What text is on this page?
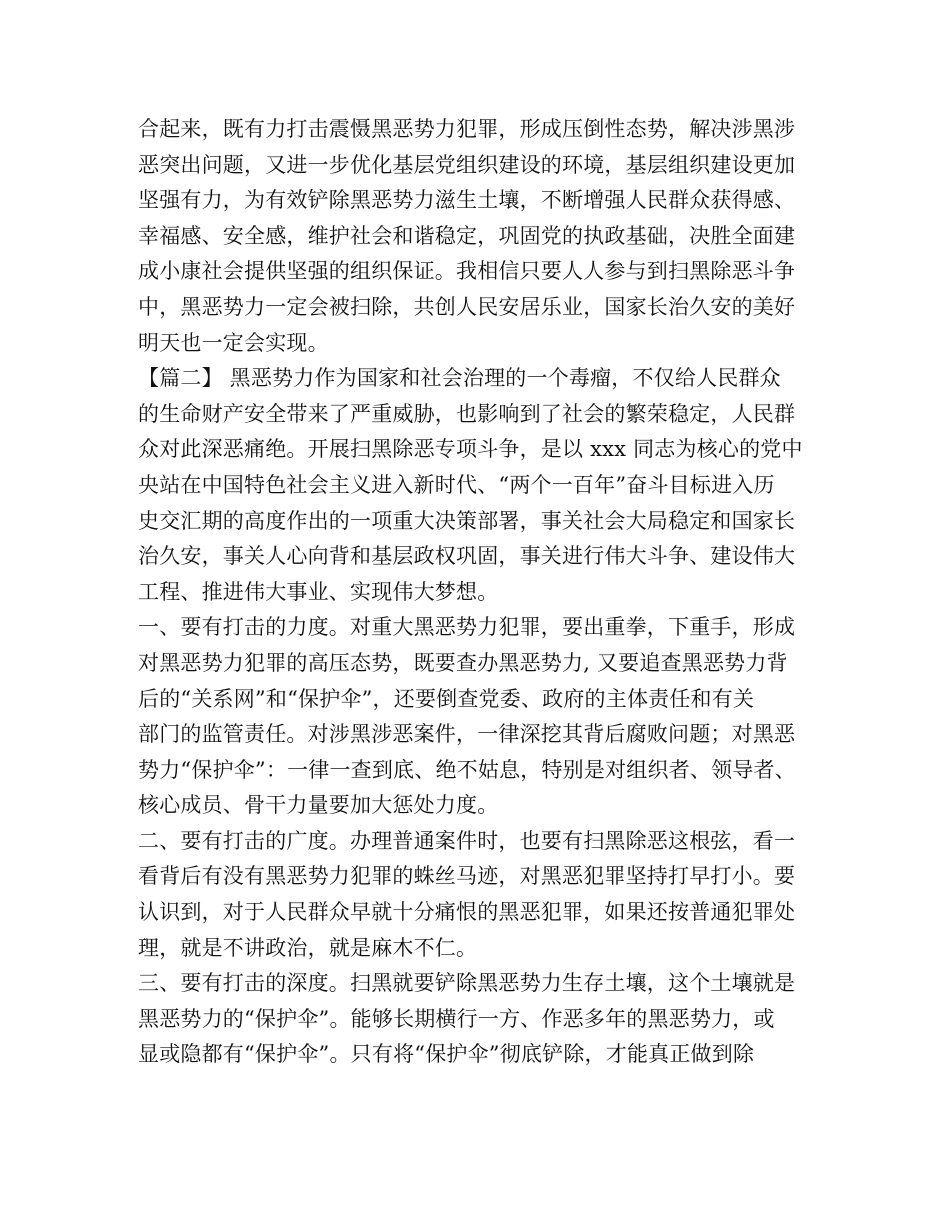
合起来，既有力打击震慑黑恶势力犯罪，形成压倒性态势，解决涉黑涉
恶突出问题，又进一步优化基层党组织建设的环境，基层组织建设更加
坚强有力，为有效铲除黑恶势力滋生土壤，不断增强人民群众获得感、
幸福感、安全感，维护社会和谐稳定，巩固党的执政基础，决胜全面建
成小康社会提供坚强的组织保证。我相信只要人人参与到扫黑除恶斗争
中，黑恶势力一定会被扫除，共创人民安居乐业，国家长治久安的美好
明天也一定会实现。
【篇二】 黑恶势力作为国家和社会治理的一个毒瘤，不仅给人民群众
的生命财产安全带来了严重威胁，也影响到了社会的繁荣稳定，人民群
众对此深恶痛绝。开展扫黑除恶专项斗争，是以 xxx 同志为核心的党中
央站在中国特色社会主义进入新时代、“两个一百年”奋斗目标进入历
史交汇期的高度作出的一项重大决策部署，事关社会大局稳定和国家长
治久安，事关人心向背和基层政权巩固，事关进行伟大斗争、建设伟大
工程、推进伟大事业、实现伟大梦想。
一、要有打击的力度。对重大黑恶势力犯罪，要出重拳，下重手，形成
对黑恶势力犯罪的高压态势，既要查办黑恶势力, 又要追查黑恶势力背
后的“关系网”和“保护伞”，还要倒查党委、政府的主体责任和有关
部门的监管责任。对涉黑涉恶案件，一律深挖其背后腐败问题；对黑恶
势力“保护伞”：一律一查到底、绝不姑息，特别是对组织者、领导者、
核心成员、骨干力量要加大惩处力度。
二、要有打击的广度。办理普通案件时，也要有扫黑除恶这根弦，看一
看背后有没有黑恶势力犯罪的蛛丝马迹，对黑恶犯罪坚持打早打小。要
认识到，对于人民群众早就十分痛恨的黑恶犯罪，如果还按普通犯罪处
理，就是不讲政治，就是麻木不仁。
三、要有打击的深度。扫黑就要铲除黑恶势力生存土壤，这个土壤就是
黑恶势力的“保护伞”。能够长期横行一方、作恶多年的黑恶势力，或
显或隐都有“保护伞”。只有将“保护伞”彻底铲除，才能真正做到除
